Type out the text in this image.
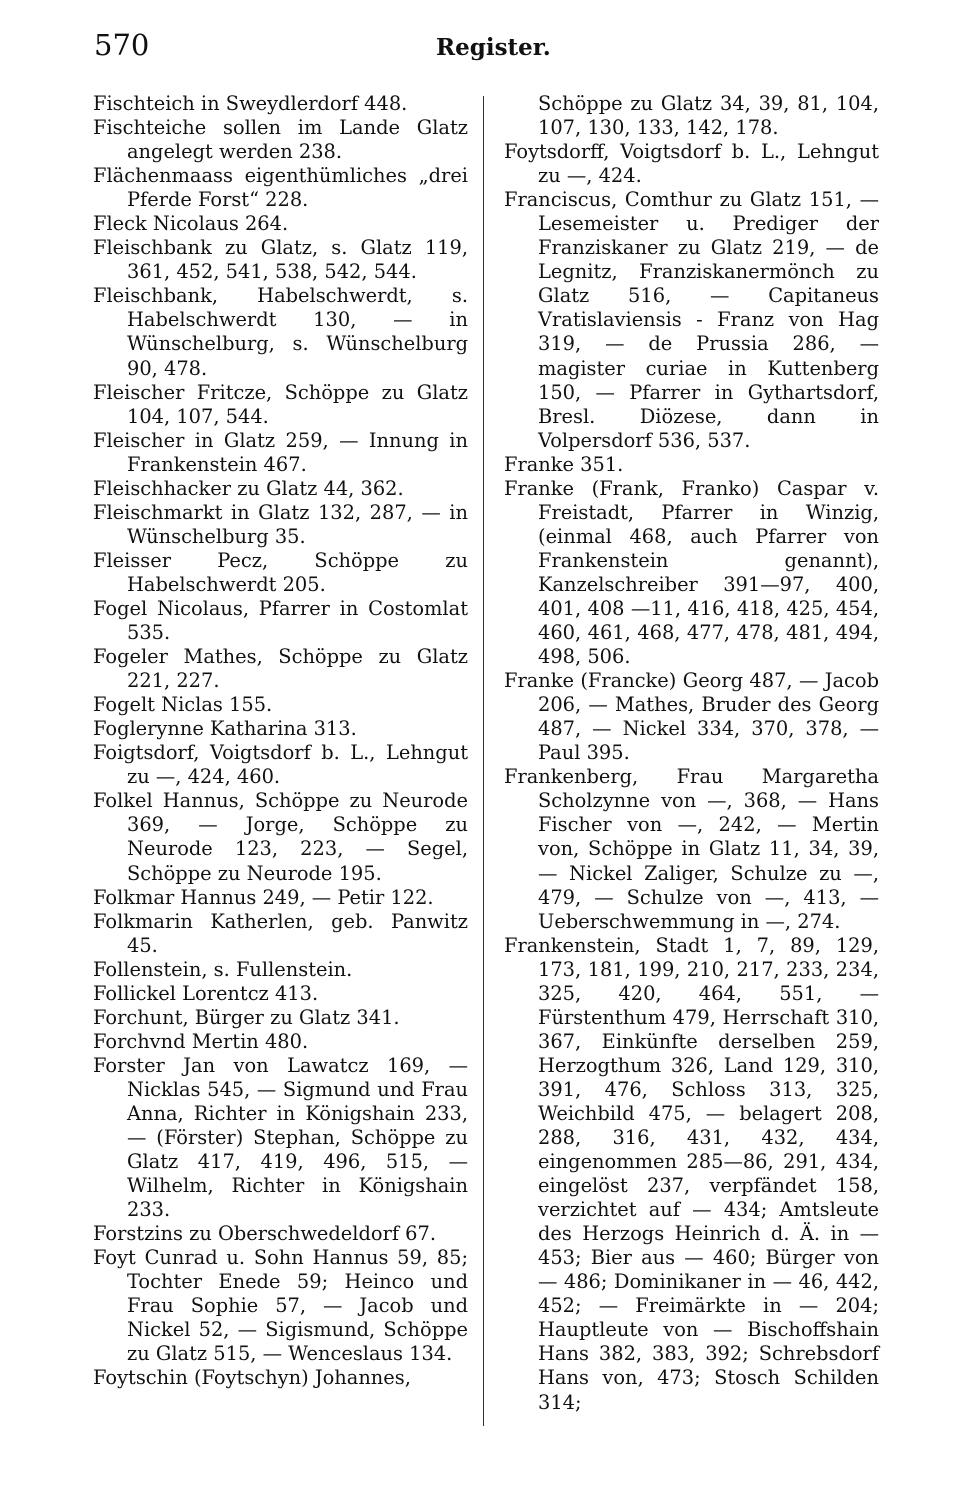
570	Register.

Fischteich in Sweydlerdorf 448.

Fischteiche sollen im Lande Glatz angelegt werden 238.

Flächenmaass eigenthümliches „drei Pferde Forst“ 228.

Fleck Nicolaus 264.

Fleischbank zu Glatz, s. Glatz 119, 361, 452, 541, 538, 542, 544.

Fleischbank, Habelschwerdt, s. Habelschwerdt 130, — in Wünschelburg, s. Wünschelburg 90, 478.

Fleischer Fritcze, Schöppe zu Glatz 104, 107, 544.

Fleischer in Glatz 259, — Innung in Frankenstein 467.

Fleischhacker zu Glatz 44, 362.

Fleischmarkt in Glatz 132, 287, — in Wünschelburg 35.

Fleisser Pecz, Schöppe zu Habelschwerdt 205.

Fogel Nicolaus, Pfarrer in Costomlat 535.

Fogeler Mathes, Schöppe zu Glatz 221, 227.

Fogelt Niclas 155.

Foglerynne Katharina 313.

Foigtsdorf, Voigtsdorf b. L., Lehngut zu —, 424, 460.

Folkel Hannus, Schöppe zu Neurode 369, — Jorge, Schöppe zu Neurode 123, 223, — Segel, Schöppe zu Neurode 195.

Folkmar Hannus 249, — Petir 122.

Folkmarin Katherlen, geb. Panwitz 45.

Follenstein, s. Fullenstein.

Follickel Lorentcz 413.

Forchunt, Bürger zu Glatz 341.

Forchvnd Mertin 480.

Forster Jan von Lawatcz 169, — Nicklas 545, — Sigmund und Frau Anna, Richter in Königshain 233, — (Förster) Stephan, Schöppe zu Glatz 417, 419, 496, 515, — Wilhelm, Richter in Königshain 233.

Forstzins zu Oberschwedeldorf 67.

Foyt Cunrad u. Sohn Hannus 59, 85; Tochter Enede 59; Heinco und Frau Sophie 57, — Jacob und Nickel 52, — Sigismund, Schöppe zu Glatz 515, — Wenceslaus 134.

Foytschin (Foytschyn) Johannes,

Schöppe zu Glatz 34, 39, 81, 104, 107, 130, 133, 142, 178.

Foytsdorff, Voigtsdorf b. L., Lehngut zu —, 424.

Franciscus, Comthur zu Glatz 151, — Lesemeister u. Prediger der Franziskaner zu Glatz 219, — de Legnitz, Franziskanermönch zu Glatz 516, — Capitaneus Vratislaviensis - Franz von Hag 319, — de Prussia 286, — magister curiae in Kuttenberg 150, — Pfarrer in Gythartsdorf, Bresl. Diözese, dann in Volpersdorf 536, 537.

Franke 351.

Franke (Frank, Franko) Caspar v. Freistadt, Pfarrer in Winzig, (einmal 468, auch Pfarrer von Frankenstein genannt), Kanzelschreiber 391—97, 400, 401, 408 —11, 416, 418, 425, 454, 460, 461, 468, 477, 478, 481, 494, 498, 506.

Franke (Francke) Georg 487, — Jacob 206, — Mathes, Bruder des Georg 487, — Nickel 334, 370, 378, — Paul 395.

Frankenberg, Frau Margaretha Scholzynne von —, 368, — Hans Fischer von —, 242, — Mertin von, Schöppe in Glatz 11, 34, 39, — Nickel Zaliger, Schulze zu —, 479, — Schulze von —, 413, — Ueberschwemmung in —, 274.

Frankenstein, Stadt 1, 7, 89, 129, 173, 181, 199, 210, 217, 233, 234, 325, 420, 464, 551, — Fürstenthum 479, Herrschaft 310, 367, Einkünfte derselben 259, Herzogthum 326, Land 129, 310, 391, 476, Schloss 313, 325, Weichbild 475, — belagert 208, 288, 316, 431, 432, 434, eingenommen 285—86, 291, 434, eingelöst 237, verpfändet 158, verzichtet auf — 434; Amtsleute des Herzogs Heinrich d. Ä. in — 453; Bier aus — 460; Bürger von — 486; Dominikaner in — 46, 442, 452; — Freimärkte in — 204; Hauptleute von — Bischoffshain Hans 382, 383, 392; Schrebsdorf Hans von, 473; Stosch Schilden 314;
